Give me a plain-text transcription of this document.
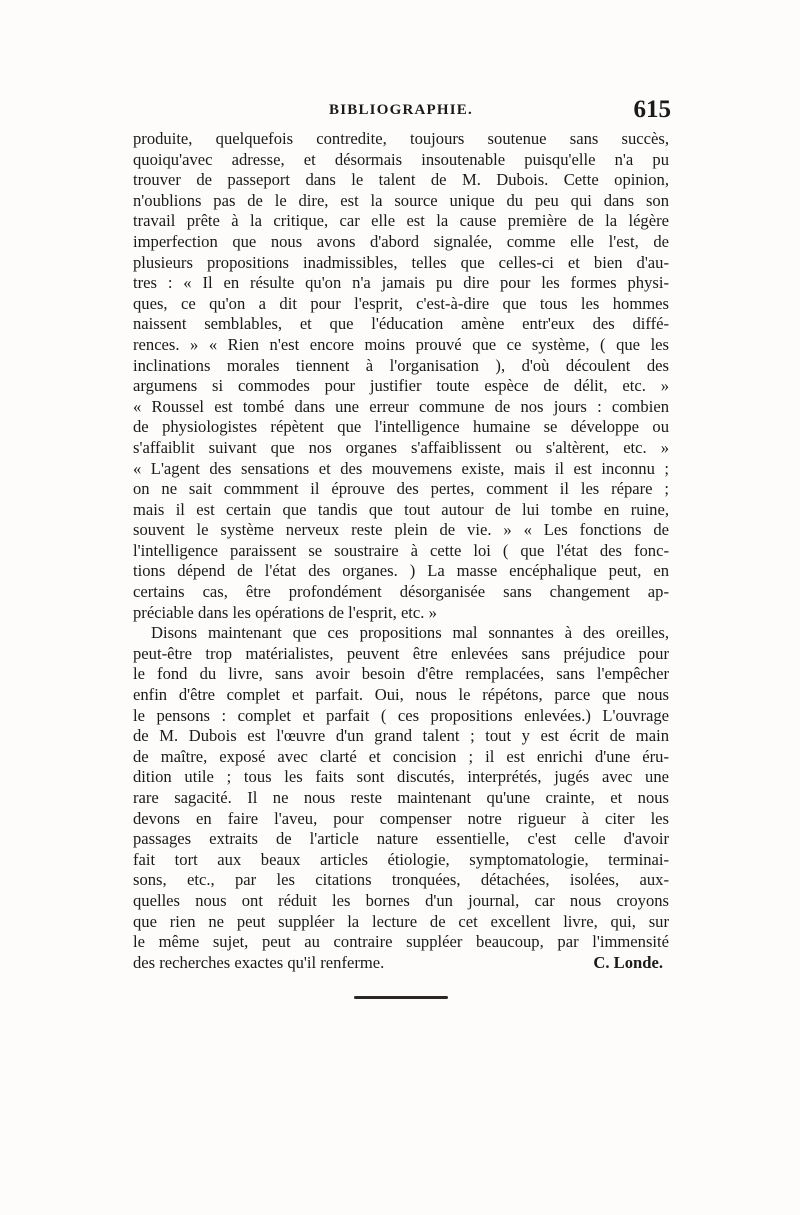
BIBLIOGRAPHIE.	615
produite, quelquefois contredite, toujours soutenue sans succès,
quoiqu'avec adresse, et désormais insoutenable puisqu'elle n'a pu
trouver de passeport dans le talent de M. Dubois. Cette opinion,
n'oublions pas de le dire, est la source unique du peu qui dans son
travail prête à la critique, car elle est la cause première de la légère
imperfection que nous avons d'abord signalée, comme elle l'est, de
plusieurs propositions inadmissibles, telles que celles-ci et bien d'au-
tres : « Il en résulte qu'on n'a jamais pu dire pour les formes physi-
ques, ce qu'on a dit pour l'esprit, c'est-à-dire que tous les hommes
naissent semblables, et que l'éducation amène entr'eux des diffé-
rences. » « Rien n'est encore moins prouvé que ce système, ( que les
inclinations morales tiennent à l'organisation ), d'où découlent des
argumens si commodes pour justifier toute espèce de délit, etc. »
« Roussel est tombé dans une erreur commune de nos jours : combien
de physiologistes répètent que l'intelligence humaine se développe ou
s'affaiblit suivant que nos organes s'affaiblissent ou s'altèrent, etc. »
« L'agent des sensations et des mouvemens existe, mais il est inconnu ;
on ne sait commment il éprouve des pertes, comment il les répare ;
mais il est certain que tandis que tout autour de lui tombe en ruine,
souvent le système nerveux reste plein de vie. » « Les fonctions de
l'intelligence paraissent se soustraire à cette loi ( que l'état des fonc-
tions dépend de l'état des organes. ) La masse encéphalique peut, en
certains cas, être profondément désorganisée sans changement ap-
préciable dans les opérations de l'esprit, etc. »
Disons maintenant que ces propositions mal sonnantes à des oreilles,
peut-être trop matérialistes, peuvent être enlevées sans préjudice pour
le fond du livre, sans avoir besoin d'être remplacées, sans l'empêcher
enfin d'être complet et parfait. Oui, nous le répétons, parce que nous
le pensons : complet et parfait ( ces propositions enlevées.) L'ouvrage
de M. Dubois est l'œuvre d'un grand talent ; tout y est écrit de main
de maître, exposé avec clarté et concision ; il est enrichi d'une éru-
dition utile ; tous les faits sont discutés, interprétés, jugés avec une
rare sagacité. Il ne nous reste maintenant qu'une crainte, et nous
devons en faire l'aveu, pour compenser notre rigueur à citer les
passages extraits de l'article nature essentielle, c'est celle d'avoir
fait tort aux beaux articles étiologie, symptomatologie, terminai-
sons, etc., par les citations tronquées, détachées, isolées, aux-
quelles nous ont réduit les bornes d'un journal, car nous croyons
que rien ne peut suppléer la lecture de cet excellent livre, qui, sur
le même sujet, peut au contraire suppléer beaucoup, par l'immensité
des recherches exactes qu'il renferme.	C. Londe.
